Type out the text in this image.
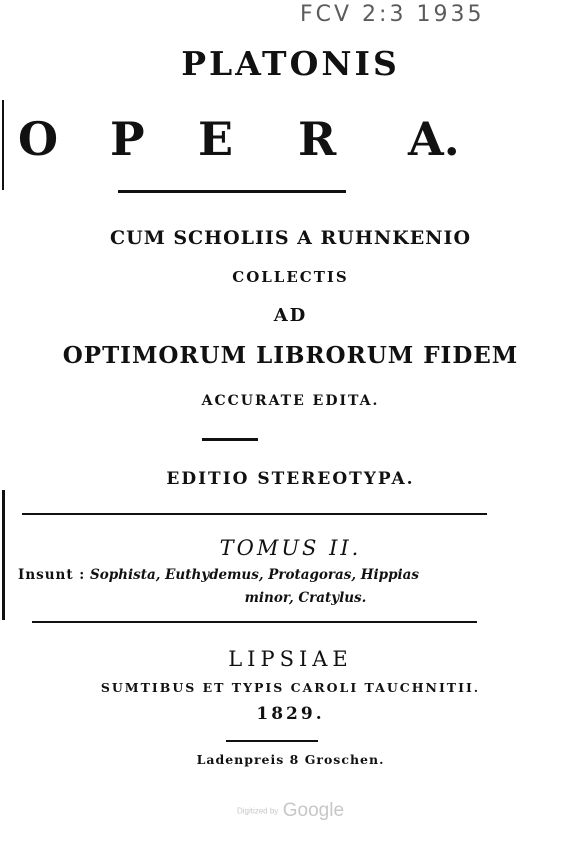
FCV 2:3 1935
PLATONIS
O P E R A.
CUM SCHOLIIS A RUHNKENIO
COLLECTIS
AD
OPTIMORUM LIBRORUM FIDEM
ACCURATE EDITA.
EDITIO STEREOTYPA.
TOMUS II.
Insunt : Sophista, Euthydemus, Protagoras, Hippias
minor, Cratylus.
LIPSIAE
SUMTIBUS ET TYPIS CAROLI TAUCHNITII.
1829.
Ladenpreis 8 Groschen.
Digitized by Google
